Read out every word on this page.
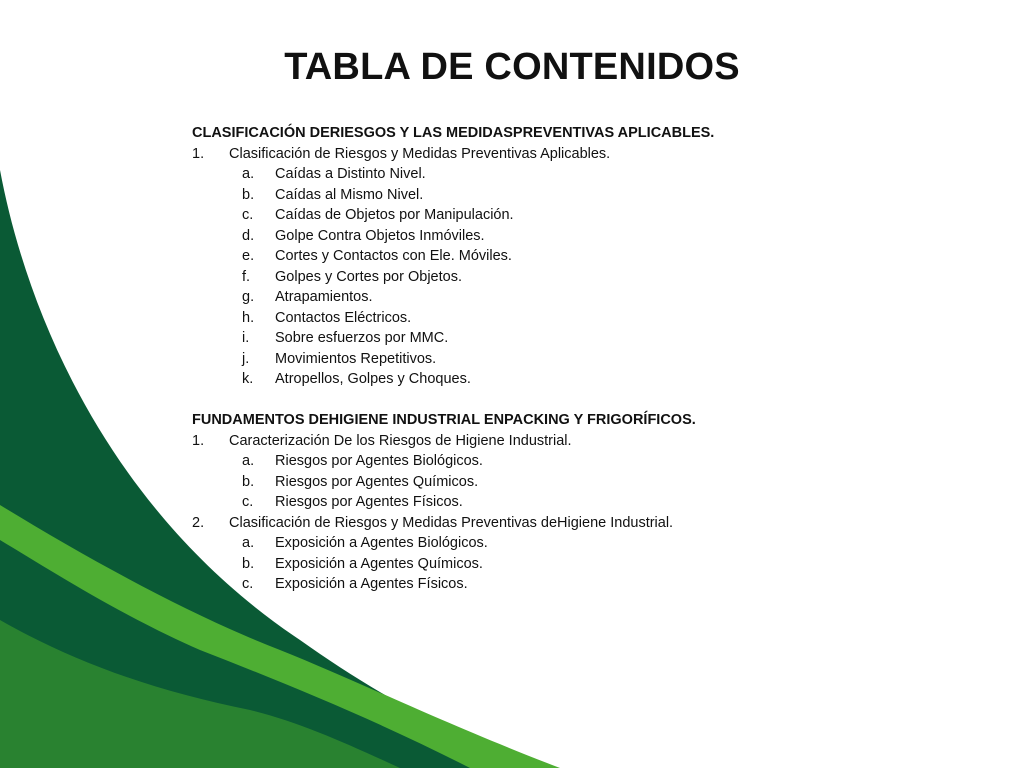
TABLA DE CONTENIDOS
CLASIFICACIÓN DERIESGOS Y LAS MEDIDASPREVENTIVAS APLICABLES.
1. Clasificación de Riesgos y Medidas Preventivas Aplicables.
a. Caídas a Distinto Nivel.
b. Caídas al Mismo Nivel.
c. Caídas de Objetos por Manipulación.
d. Golpe Contra Objetos Inmóviles.
e. Cortes y Contactos con Ele. Móviles.
f. Golpes y Cortes por Objetos.
g. Atrapamientos.
h. Contactos Eléctricos.
i. Sobre esfuerzos por MMC.
j. Movimientos Repetitivos.
k. Atropellos, Golpes y Choques.
FUNDAMENTOS DEHIGIENE INDUSTRIAL ENPACKING Y FRIGORÍFICOS.
1. Caracterización De los Riesgos de Higiene Industrial.
a. Riesgos por Agentes Biológicos.
b. Riesgos por Agentes Químicos.
c. Riesgos por Agentes Físicos.
2. Clasificación de Riesgos y Medidas Preventivas deHigiene Industrial.
a. Exposición a Agentes Biológicos.
b. Exposición a Agentes Químicos.
c. Exposición a Agentes Físicos.
